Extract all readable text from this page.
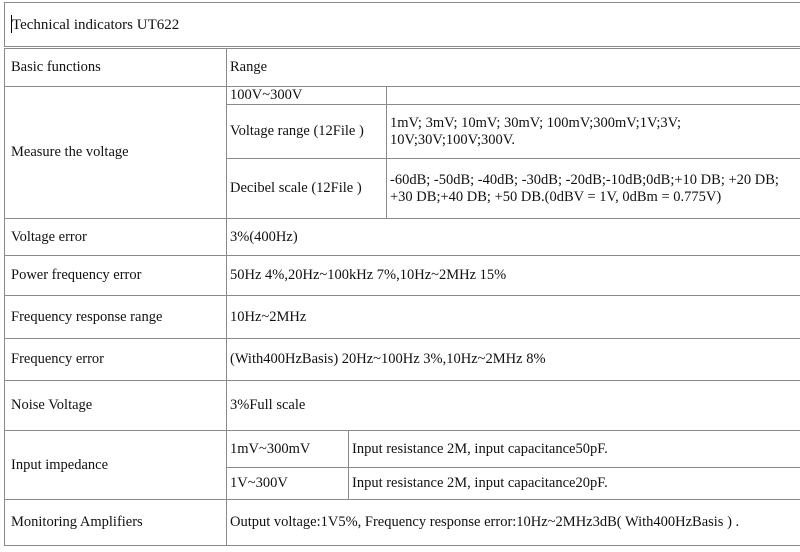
Technical indicators UT622
Basic functions	Range		
Measure the voltage	100V~300V		
	Voltage range (12File )		1mV; 3mV; 10mV; 30mV; 100mV;300mV;1V;3V; 10V;30V;100V;300V.
	Decibel scale (12File )		-60dB; -50dB; -40dB; -30dB; -20dB;-10dB;0dB;+10 DB; +20 DB; +30 DB;+40 DB; +50 DB.(0dBV = 1V, 0dBm = 0.775V)
Voltage error	3%(400Hz)		
Power frequency error	50Hz 4%,20Hz~100kHz 7%,10Hz~2MHz 15%		
Frequency response range	10Hz~2MHz		
Frequency error	(With400HzBasis) 20Hz~100Hz 3%,10Hz~2MHz 8%		
Noise Voltage	3%Full scale		
Input impedance	1mV~300mV	Input resistance 2M, input capacitance50pF.	
	1V~300V	Input resistance 2M, input capacitance20pF.	
Monitoring Amplifiers	Output voltage:1V5%, Frequency response error:10Hz~2MHz3dB( With400HzBasis ) .		
